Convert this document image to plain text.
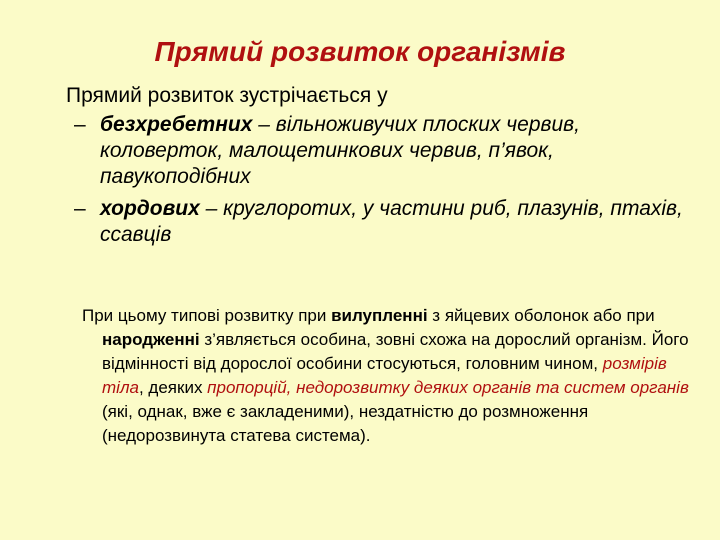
Прямий розвиток організмів

Прямий розвиток зустрічається у

– безхребетних – вільноживучих плоских червив, коловерток, малощетинкових червив, п’явок, павукоподібних
– хордових – круглоротих, у частини риб, плазунів, птахів, ссавців

При цьому типові розвитку при вилупленні з яйцевих оболонок або при народженні з’являється особина, зовні схожа на дорослий організм. Його відмінності від дорослої особини стосуються, головним чином, розмірів тіла, деяких пропорцій, недорозвитку деяких органів та систем органів (які, однак, вже є закладеними), нездатністю до розмноження (недорозвинута статева система).
